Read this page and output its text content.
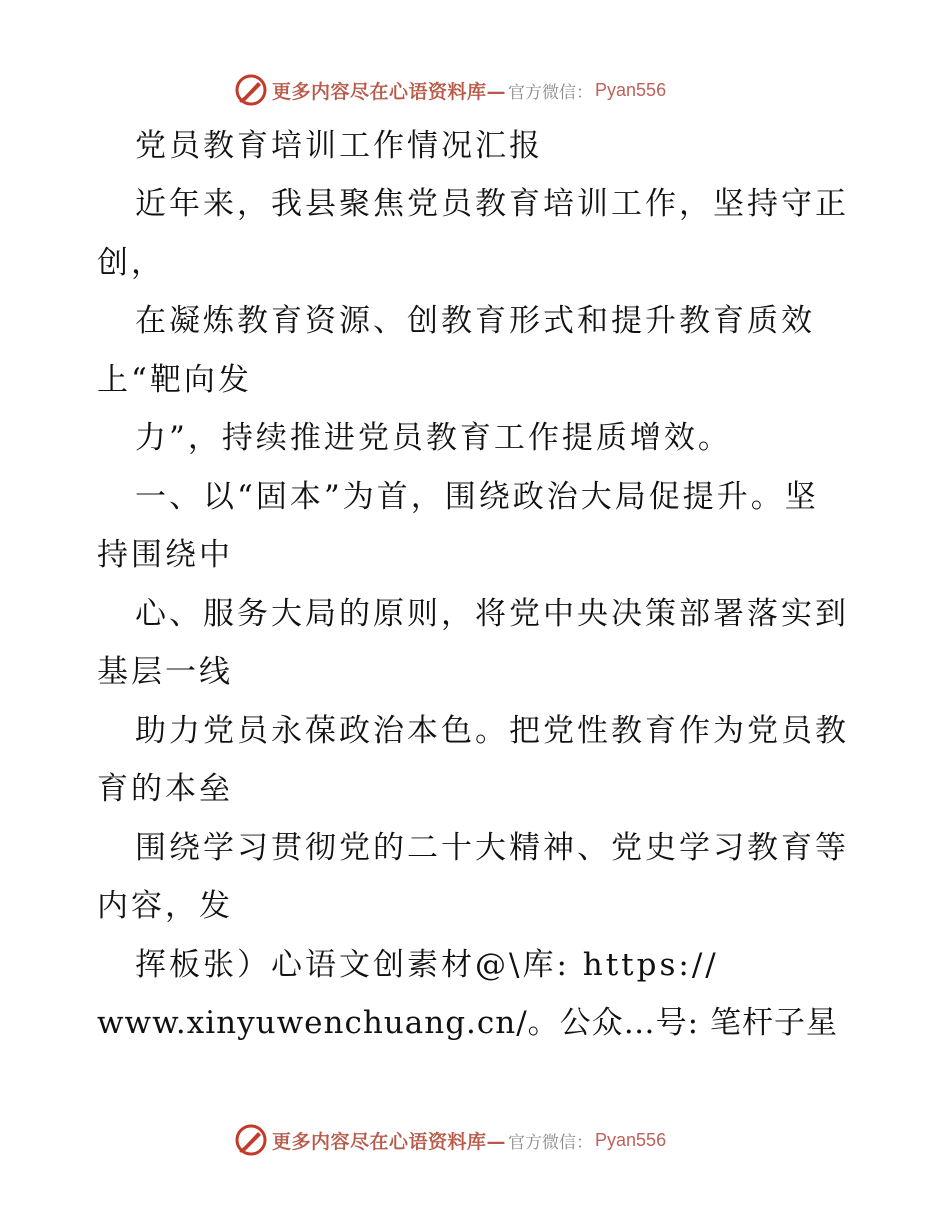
更多内容尽在心语资料库— 官方微信： Pyan556
党员教育培训工作情况汇报
近年来，我县聚焦党员教育培训工作，坚持守正
创，
在凝炼教育资源、创教育形式和提升教育质效
上“靶向发
力”，持续推进党员教育工作提质增效。
一、以“固本”为首，围绕政治大局促提升。坚
持围绕中
心、服务大局的原则，将党中央决策部署落实到
基层一线
助力党员永葆政治本色。把党性教育作为党员教
育的本垒
围绕学习贯彻党的二十大精神、党史学习教育等
内容，发
挥板张）心语文创素材@\库: https://
www.xinyuwenchuang.cn/。公众…号: 笔杆子星
更多内容尽在心语资料库— 官方微信： Pyan556
